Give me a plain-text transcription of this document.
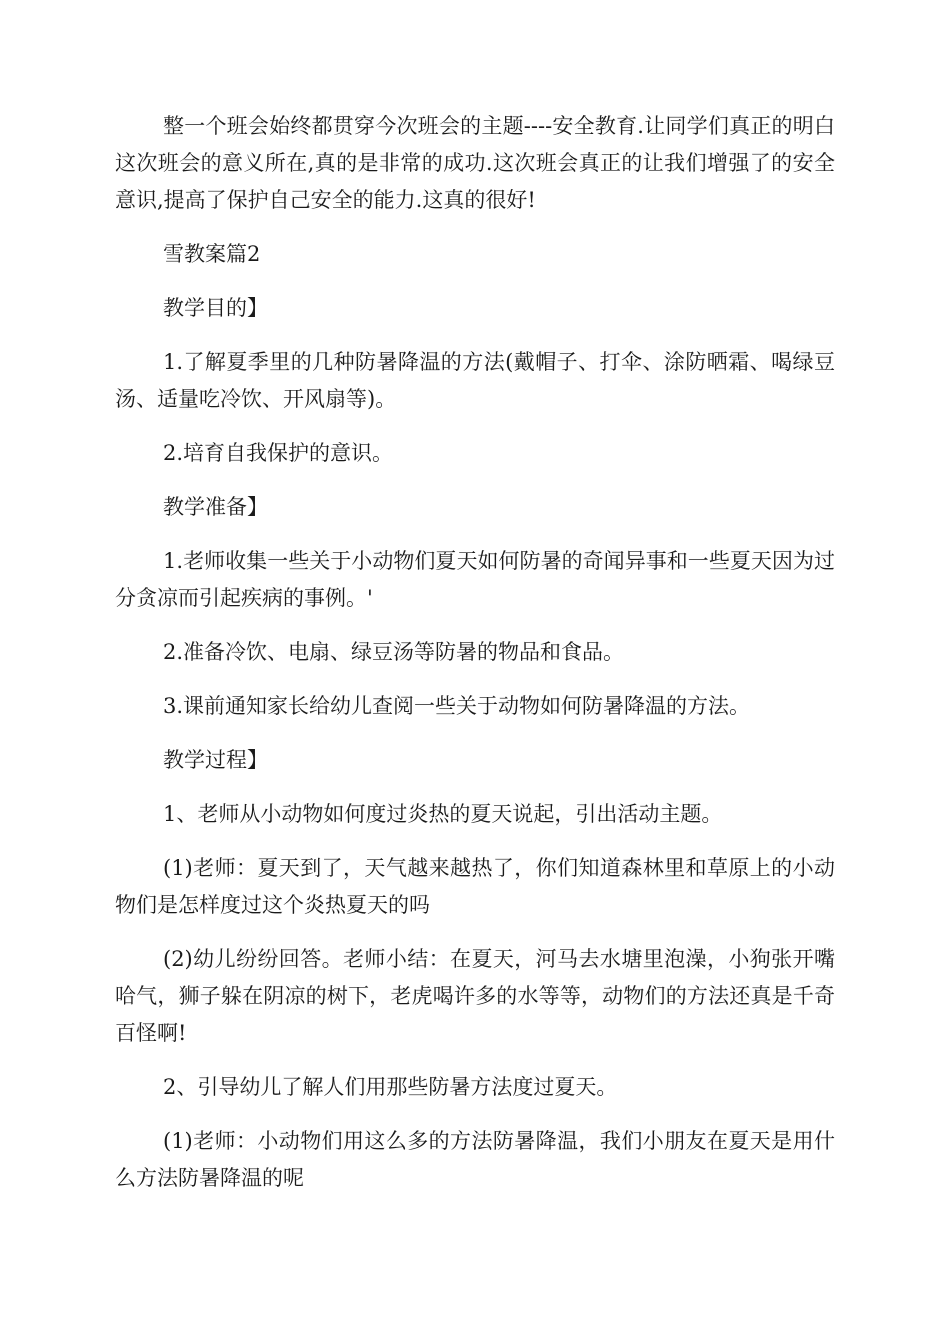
整一个班会始终都贯穿今次班会的主题----安全教育.让同学们真正的明白这次班会的意义所在,真的是非常的成功.这次班会真正的让我们增强了的安全意识,提高了保护自己安全的能力.这真的很好!

雪教案篇2

教学目的】

1.了解夏季里的几种防暑降温的方法(戴帽子、打伞、涂防晒霜、喝绿豆汤、适量吃冷饮、开风扇等)。

2.培育自我保护的意识。

教学准备】

1.老师收集一些关于小动物们夏天如何防暑的奇闻异事和一些夏天因为过分贪凉而引起疾病的事例。'

2.准备冷饮、电扇、绿豆汤等防暑的物品和食品。

3.课前通知家长给幼儿查阅一些关于动物如何防暑降温的方法。

教学过程】

1、老师从小动物如何度过炎热的夏天说起，引出活动主题。

(1)老师：夏天到了，天气越来越热了，你们知道森林里和草原上的小动物们是怎样度过这个炎热夏天的吗

(2)幼儿纷纷回答。老师小结：在夏天，河马去水塘里泡澡，小狗张开嘴哈气，狮子躲在阴凉的树下，老虎喝许多的水等等，动物们的方法还真是千奇百怪啊!

2、引导幼儿了解人们用那些防暑方法度过夏天。

(1)老师：小动物们用这么多的方法防暑降温，我们小朋友在夏天是用什么方法防暑降温的呢
